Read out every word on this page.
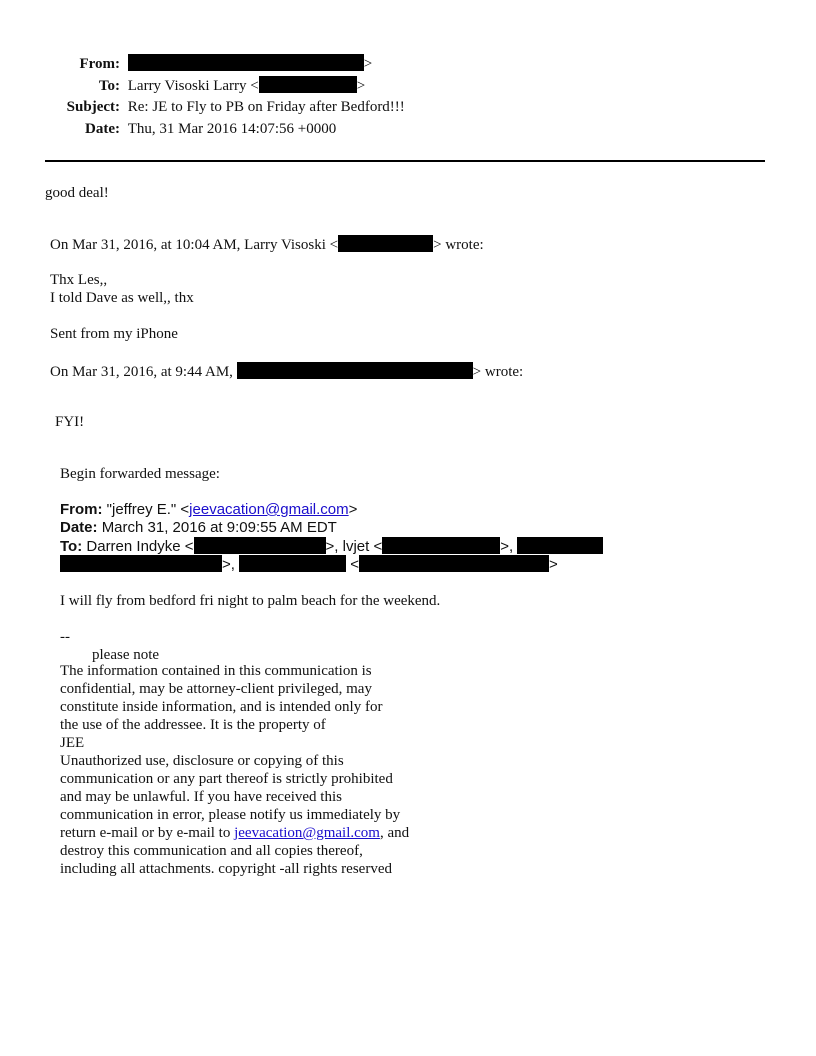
From:	>
To: Larry Visoski Larry <	>
Subject: Re: JE to Fly to PB on Friday after Bedford!!!
Date: Thu, 31 Mar 2016 14:07:56 +0000
good deal!
On Mar 31, 2016, at 10:04 AM, Larry Visoski <	> wrote:
Thx Les,,
I told Dave as well,, thx
Sent from my iPhone
On Mar 31, 2016, at 9:44 AM,	> wrote:
FYI!
Begin forwarded message:
From: "jeffrey E." <jeevacation@gmail.com>
Date: March 31, 2016 at 9:09:55 AM EDT
To: Darren Indyke <	>, lvjet <	>,
>,	<	>
I will fly from bedford fri night to palm beach for the weekend.
--
please note
The information contained in this communication is
confidential, may be attorney-client privileged, may
constitute inside information, and is intended only for
the use of the addressee. It is the property of
JEE
Unauthorized use, disclosure or copying of this
communication or any part thereof is strictly prohibited
and may be unlawful. If you have received this
communication in error, please notify us immediately by
return e-mail or by e-mail to jeevacation@gmail.com, and
destroy this communication and all copies thereof,
including all attachments. copyright -all rights reserved
